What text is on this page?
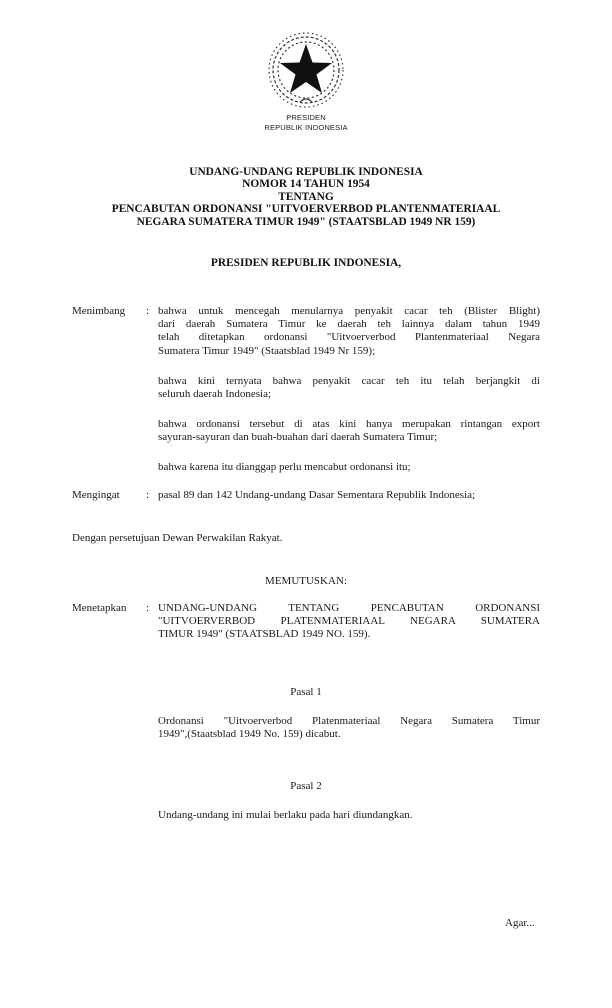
PRESIDEN
REPUBLIK INDONESIA
UNDANG-UNDANG REPUBLIK INDONESIA
NOMOR 14 TAHUN 1954
TENTANG
PENCABUTAN ORDONANSI "UITVOERVERBOD PLANTENMATERIAAL
NEGARA SUMATERA TIMUR 1949" (STAATSBLAD 1949 NR 159)
PRESIDEN REPUBLIK INDONESIA,
Menimbang : bahwa untuk mencegah menularnya penyakit cacar teh (Blister Blight)

dari daerah Sumatera Timur ke daerah teh lainnya dalam tahun 1949

telah ditetapkan ordonansi "Uitvoerverbod Plantenmateriaal Negara

Sumatera Timur 1949" (Staatsblad 1949 Nr 159);

bahwa kini ternyata bahwa penyakit cacar teh itu telah berjangkit di

seluruh daerah Indonesia;

bahwa ordonansi tersebut di atas kini hanya merupakan rintangan export

sayuran-sayuran dan buah-buahan dari daerah Sumatera Timur;

bahwa karena itu dianggap perlu mencabut ordonansi itu;

Mengingat : pasal 89 dan 142 Undang-undang Dasar Sementara Republik Indonesia;
Dengan persetujuan Dewan Perwakilan Rakyat.
MEMUTUSKAN:
Menetapkan : UNDANG-UNDANG TENTANG PENCABUTAN ORDONANSI

"UITVOERVERBOD PLATENMATERIAAL NEGARA SUMATERA

TIMUR 1949" (STAATSBLAD 1949 NO. 159).

Pasal 1

Ordonansi "Uitvoerverbod Platenmateriaal Negara Sumatera Timur

1949",(Staatsblad 1949 No. 159) dicabut.

Pasal 2
Undang-undang ini mulai berlaku pada hari diundangkan.
Agar...
